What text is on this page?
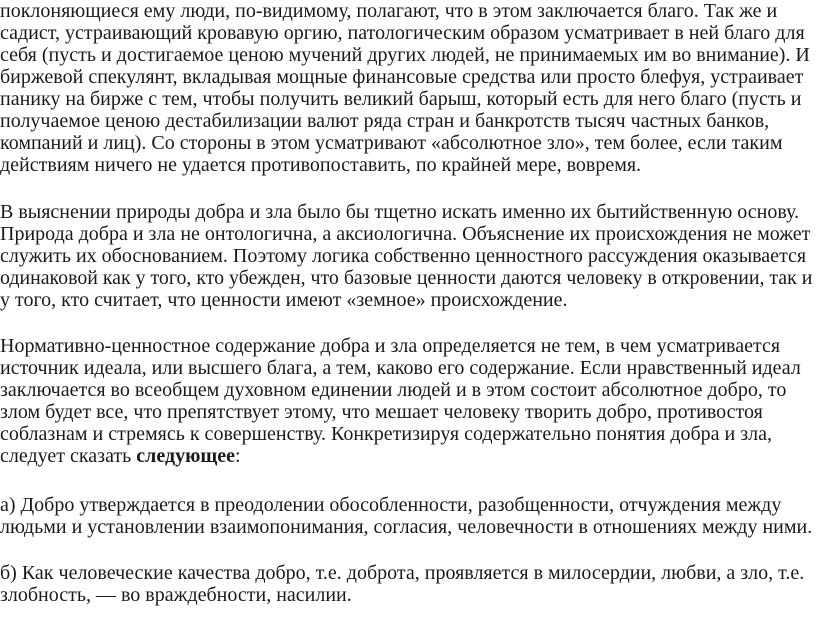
поклоняющиеся ему люди, по-видимому, полагают, что в этом заключается благо. Так же и

садист, устраивающий кровавую оргию, патологическим образом усматривает в ней благо для

себя (пусть и достигаемое ценою мучений других людей, не принимаемых им во внимание). И

биржевой спекулянт, вкладывая мощные финансовые средства или просто блефуя, устраивает

панику на бирже с тем, чтобы получить великий барыш, который есть для него благо (пусть и

получаемое ценою дестабилизации валют ряда стран и банкротств тысяч частных банков,

компаний и лиц). Со стороны в этом усматривают «абсолютное зло», тем более, если таким

действиям ничего не удается противопоставить, по крайней мере, вовремя.

В выяснении природы добра и зла было бы тщетно искать именно их бытийственную основу.

Природа добра и зла не онтологична, а аксиологична. Объяснение их происхождения не может

служить их обоснованием. Поэтому логика собственно ценностного рассуждения оказывается

одинаковой как у того, кто убежден, что базовые ценности даются человеку в откровении, так и

у того, кто считает, что ценности имеют «земное» происхождение.

Нормативно-ценностное содержание добра и зла определяется не тем, в чем усматривается

источник идеала, или высшего блага, а тем, каково его содержание. Если нравственный идеал

заключается во всеобщем духовном единении людей и в этом состоит абсолютное добро, то

злом будет все, что препятствует этому, что мешает человеку творить добро, противостоя

соблазнам и стремясь к совершенству. Конкретизируя содержательно понятия добра и зла,

следует сказать следующее:

а) Добро утверждается в преодолении обособленности, разобщенности, отчуждения между

людьми и установлении взаимопонимания, согласия, человечности в отношениях между ними.

б) Как человеческие качества добро, т.е. доброта, проявляется в милосердии, любви, а зло, т.е.

злобность, — во враждебности, насилии.
